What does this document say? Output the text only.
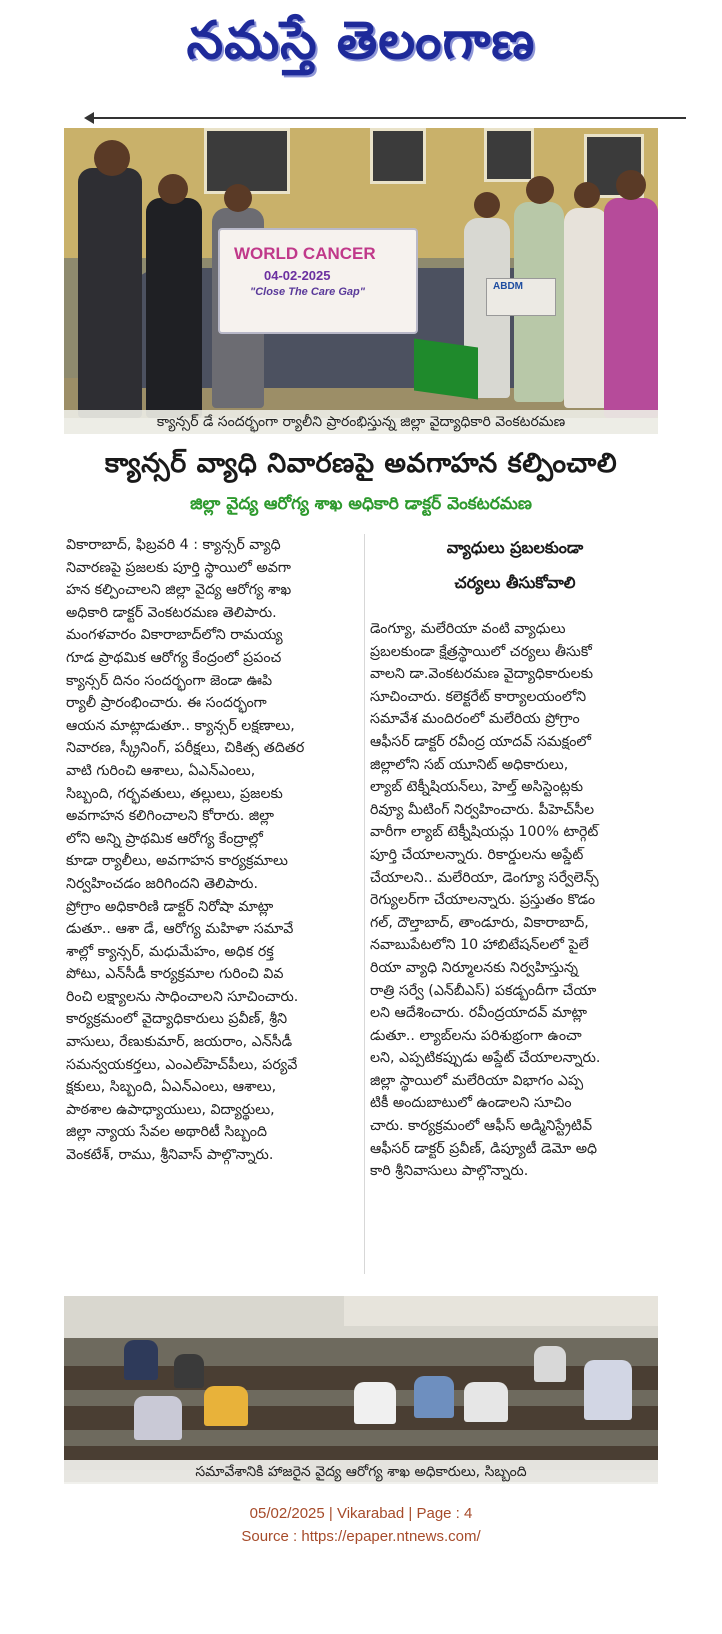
నమస్తే తెలంగాణ
ABDM
WORLD CANCER
04-02-2025
"Close The Care Gap"
క్యాన్సర్ డే సందర్భంగా ర్యాలీని ప్రారంభిస్తున్న జిల్లా వైద్యాధికారి వెంకటరమణ
క్యాన్సర్ వ్యాధి నివారణపై అవగాహన కల్పించాలి
జిల్లా వైద్య ఆరోగ్య శాఖ అధికారి డాక్టర్ వెంకటరమణ
వికారాబాద్, ఫిబ్రవరి 4 : క్యాన్సర్ వ్యాధి
నివారణపై ప్రజలకు పూర్తి స్థాయిలో అవగా
హన కల్పించాలని జిల్లా వైద్య ఆరోగ్య శాఖ
అధికారి డాక్టర్ వెంకటరమణ తెలిపారు.
మంగళవారం వికారాబాద్‌లోని రామయ్య
గూడ ప్రాథమిక ఆరోగ్య కేంద్రంలో ప్రపంచ
క్యాన్సర్ దినం సందర్భంగా జెండా ఊపి
ర్యాలీ ప్రారంభించారు. ఈ సందర్భంగా
ఆయన మాట్లాడుతూ.. క్యాన్సర్ లక్షణాలు,
నివారణ, స్క్రీనింగ్, పరీక్షలు, చికిత్స తదితర
వాటి గురించి ఆశాలు, ఏఎన్‌ఎంలు,
సిబ్బంది, గర్భవతులు, తల్లులు, ప్రజలకు
అవగాహన కలిగించాలని కోరారు. జిల్లా
లోని అన్ని ప్రాథమిక ఆరోగ్య కేంద్రాల్లో
కూడా ర్యాలీలు, అవగాహన కార్యక్రమాలు
నిర్వహించడం జరిగిందని తెలిపారు.
ప్రోగ్రాం అధికారిణి డాక్టర్ నిరోషా మాట్లా
డుతూ.. ఆశా డే, ఆరోగ్య మహిళా సమావే
శాల్లో క్యాన్సర్, మధుమేహం, అధిక రక్త
పోటు, ఎన్‌సీడీ కార్యక్రమాల గురించి వివ
రించి లక్ష్యాలను సాధించాలని సూచించారు.
కార్యక్రమంలో వైద్యాధికారులు ప్రవీణ్, శ్రీని
వాసులు, రేణుకుమార్, జయరాం, ఎన్‌సీడీ
సమన్వయకర్తలు, ఎంఎల్‌హెచ్‌పీలు, పర్యవే
క్షకులు, సిబ్బంది, ఏఎన్‌ఎంలు, ఆశాలు,
పాఠశాల ఉపాధ్యాయులు, విద్యార్థులు,
జిల్లా న్యాయ సేవల అథారిటీ సిబ్బంది
వెంకటేశ్, రాము, శ్రీనివాస్ పాల్గొన్నారు.
వ్యాధులు ప్రబలకుండా
చర్యలు తీసుకోవాలి
డెంగ్యూ, మలేరియా వంటి వ్యాధులు
ప్రబలకుండా క్షేత్రస్థాయిలో చర్యలు తీసుకో
వాలని డా.వెంకటరమణ వైద్యాధికారులకు
సూచించారు. కలెక్టరేట్ కార్యాలయంలోని
సమావేశ మందిరంలో మలేరియ ప్రోగ్రాం
ఆఫీసర్ డాక్టర్ రవీంద్ర యాదవ్ సమక్షంలో
జిల్లాలోని సబ్ యూనిట్ అధికారులు,
ల్యాబ్ టెక్నీషియన్‌లు, హెల్త్ అసిస్టెంట్లకు
రివ్యూ మీటింగ్ నిర్వహించారు. పీహెచ్‌సీల
వారీగా ల్యాబ్ టెక్నీషియన్లు 100% టార్గెట్
పూర్తి చేయాలన్నారు. రికార్డులను అప్డేట్
చేయాలని.. మలేరియా, డెంగ్యూ సర్వేలెన్స్
రెగ్యులర్‌గా చేయాలన్నారు. ప్రస్తుతం కొడం
గల్, దౌల్తాబాద్, తాండూరు, వికారాబాద్,
నవాబుపేటలోని 10 హాబిటేషన్‌లలో పైలే
రియా వ్యాధి నిర్మూలనకు నిర్వహిస్తున్న
రాత్రి సర్వే (ఎన్‌బీఎస్) పకడ్బందీగా చేయా
లని ఆదేశించారు. రవీంద్రయాదవ్ మాట్లా
డుతూ.. ల్యాబ్‌లను పరిశుభ్రంగా ఉంచా
లని, ఎప్పటికప్పుడు అప్డేట్ చేయాలన్నారు.
జిల్లా స్థాయిలో మలేరియా విభాగం ఎప్ప
టికీ అందుబాటులో ఉండాలని సూచిం
చారు. కార్యక్రమంలో ఆఫీస్ అడ్మినిస్ట్రేటివ్
ఆఫీసర్ డాక్టర్ ప్రవీణ్, డిప్యూటీ డెమో అధి
కారి శ్రీనివాసులు పాల్గొన్నారు.
సమావేశానికి హాజరైన వైద్య ఆరోగ్య శాఖ అధికారులు, సిబ్బంది
05/02/2025 | Vikarabad | Page : 4
Source : https://epaper.ntnews.com/
